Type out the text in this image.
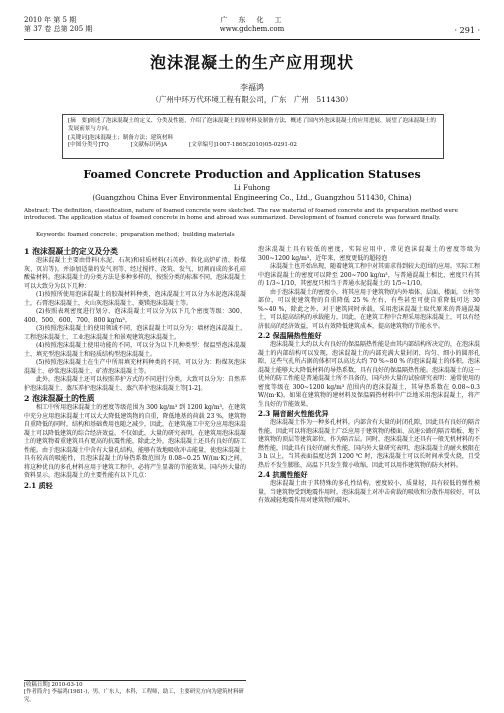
2010 年 第 5 期
第 37 卷 总第 205 期
广　东　化　工
www.gdchem.com	· 291 ·
泡沫混凝土的生产应用现状
李福鸿
（广州中环万代环境工程有限公司，广东　广州　511430）
[摘　要]阐述了泡沫混凝土的定义、分类及性能，介绍了泡沫混凝土的原材料及制备方法，概述了国内外泡沫混凝土的应用进展，展望了泡沫混凝土的发展前景与方向。
[关键词]泡沫混凝土；制备方法；建筑材料
[中图分类号]TQ	[文献标识码]A	[文章编号]1007-1865(2010)05-0291-02
Foamed Concrete Production and Application Statuses
Li Fuhong
(Guangzhou China Ever Environmental Engineering Co., Ltd., Guangzhou 511430, China)
Abstract: The definition, classification, nature of foamed concrete were sketched. The raw material of foamed concrete and its preparation method were introduced. The application status of foamed concrete in home and abroad was summarized. Development of foamed concrete was forward finally.
Keywords: foamed concrete；preparation method；building materials
1 泡沫混凝土的定义及分类

泡沫混凝土主要由骨料(水泥、石灰)和硅质材料(石英砂、粒化高炉矿渣、粉煤灰、页岩等)，并添加适量的发气剂等，经过搅拌、浇筑、发气、切割而成的多孔硅酸盐材料。泡沫混凝土的分类方法是多种多样的，按照分类的标准不同，泡沫混凝土可以大致分为以下几种：

(1)按照所使用泡沫混凝土的胶凝材料种类，泡沫混凝土可以分为水泥泡沫混凝土，石膏泡沫混凝土，火山灰泡沫混凝土、菱镁泡沫混凝土等。

(2)按照表观密度进行划分，泡沫混凝土可以分为以下几个密度等级：300、400、500、600、700、800 kg/m³。

(3)按照泡沫混凝土的使用领域不同，泡沫混凝土可以分为：墙材泡沫混凝土、工程泡沫混凝土、工业泡沫混凝土和景观建筑泡沫混凝土。

(4)按照泡沫混凝土使用功能的不同，可以分为以下几种类型：保温型泡沫混凝土、填充型泡沫混凝土和轻质结构型泡沫混凝土。

(5)按照泡沫混凝土在生产中所用填充材料种类的不同，可以分为：粉煤灰泡沫混凝土、砂浆泡沫混凝土、矿渣泡沫混凝土等。

此外，泡沫混凝土还可以按照养护方式的不同进行分类，大致可以分为：自然养护泡沫混凝土、蒸压养护泡沫混凝土、蒸汽养护泡沫混凝土等[1-2]。

2 泡沫混凝土的性质

相工中所用泡沫混凝土的密度等级范围为 300 kg/m³ 到 1200 kg/m³，在建筑中充分应用泡沫混凝土可以大大降低建筑物的自重，降低地基的荷载 23 %，建筑物自重降低的同时，结构和基础费用也随之减少，因此，在建筑施工中充分应用泡沫混凝土可以降低建筑的综合经济效益。不仅如此，大量的研究表明，在建筑用泡沫混凝土的建筑物着重建筑具有更高的抗震性能，除此之外，泡沫混凝土还具有良好的防工性能。由于泡沫混凝土中含有大量孔结构，能够有效地吸收冲击能量，使泡沫混凝土具有较高的吸能性，且泡沫混凝土的导热系数范围为 0.08~0.25 W/(m·K)之间，将这种优良的多孔材料应用于建筑工程中，必将产生显著的节能效果。国内外大量的资料显示，泡沫混凝土的主要性能有以下几点：

2.1 质轻

泡沫混凝土具有较低的密度，实际应用中，常见泡沫混凝土的密度等级为 300~1200 kg/m³，近年来，密度更低的超轻泡

沫混凝土也开始出现，随着建筑工程中对其需求得到较大范围的应用。实际工程中泡沫混凝土的密度可以降至 200~700 kg/m³，与普通混凝土相比，密度只有其的 1/3~1/10，其密度只相当于普通水泥混凝土的 1/5~1/10。

由于泡沫混凝土的密度小，将其应用于建筑物的内外墙体、层面、楼面，立柱等部位，可以使建筑物的自重降低 25 % 左右，有些甚至可使自重降低可达 30 %~40 %，除此之外，对于建筑同时承载，采用泡沫混凝土取代原来的普通混凝土，可以提高结构的承载能力，因此，在建筑工程中合理采用泡沫混凝土，可以有经济很高的经济效益，可以有效降低建筑成本，提高建筑物的节能水平。

2.2 保温隔热性能好

泡沫混凝土大约以大有良好的保温隔热性能是由其内部结构所决定的，在泡沫混凝土的内部结构可以发现，泡沫混凝土的内部充满大量封闭、均匀、细小的圆形孔隙，这些气孔所占据的体积可以高达大约 70 %~80 % 的泡沫混凝土的体积，泡沫混凝土能够大大降低材料的导热系数，具有良好的保温隔热性能。泡沫混凝土的这一优异的防工性能是普通混凝土所不具备的，国内外大量的试验研究表明：通常使用的密度等级在 300~1200 kg/m³ 范围内的泡沫混凝土，其导热系数在 0.08~0.3 W/(m·K)，如果在建筑物的建材料及保温隔热材料中广泛地采用泡沫混凝土，将产生良好的节能效果。

2.3 隔音耐火性能优异

泡沫混凝土作为一种多孔材料，内部含有大量的封闭孔隙，因此具有良好的隔音性能，因此可以将泡沫混凝土广泛应用于建筑物的楼面、高速公路的隔音墙板、地下建筑物的顶层等建筑部位，作为隔音层。同时，泡沫混凝土还具有一般无机材料的不燃性能，因此具有良好的耐火性能，国内外大量研究表明，泡沫混凝土的耐火极限在 3 h 以上，当其表面温度达到 1200 ℃ 时，泡沫混凝土可以长时间承受火烧，且受热后不发生膨胀，高温下只发生微小收缩，因此可以用作建筑物的防火材料。

2.4 抗震性能好

泡沫混凝土由于其特殊的多孔性结构，密度较小，质量轻，具有较低的弹性模量，当建筑物受到地震作用时，泡沫混凝土对冲击荷载的吸收和分散作用较好，可以有效减轻地震作用对建筑物的破坏。

[收稿日期] 2010-03-10
[作者简介] 李福鸿(1981-)，男，广东人，本科，工程师，助工，主要研究方向为建筑材料研究。
